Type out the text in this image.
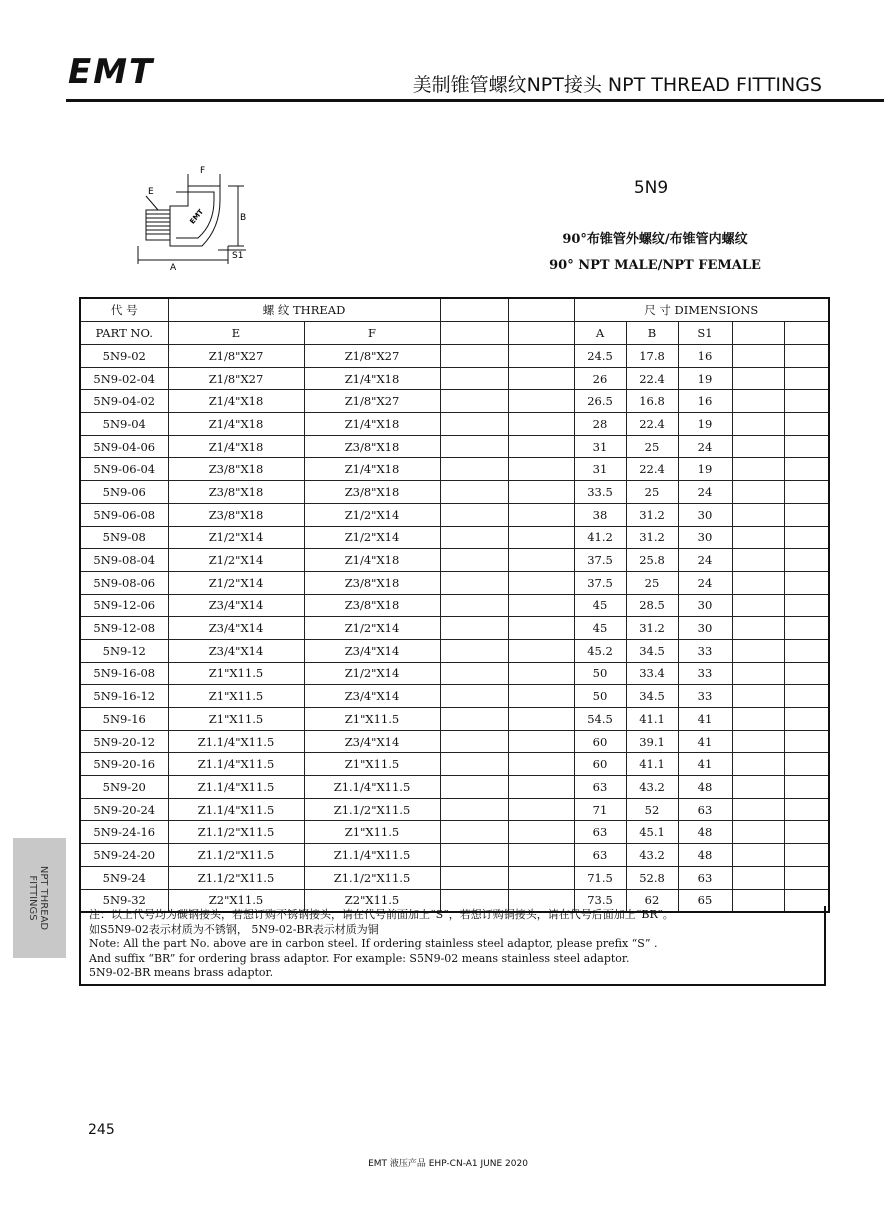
EMT	美制锥管螺纹NPT接头 NPT THREAD FITTINGS
E
F
B
A
S1
EMT
5N9
90°布锥管外螺纹/布锥管内螺纹
90° NPT MALE/NPT FEMALE
代 号	螺 纹 THREAD				尺 寸 DIMENSIONS				
PART NO.	E	F			A	B	S1		
5N9-02	Z1/8"X27	Z1/8"X27			24.5	17.8	16		
5N9-02-04	Z1/8"X27	Z1/4"X18			26	22.4	19		
5N9-04-02	Z1/4"X18	Z1/8"X27			26.5	16.8	16		
5N9-04	Z1/4"X18	Z1/4"X18			28	22.4	19		
5N9-04-06	Z1/4"X18	Z3/8"X18			31	25	24		
5N9-06-04	Z3/8"X18	Z1/4"X18			31	22.4	19		
5N9-06	Z3/8"X18	Z3/8"X18			33.5	25	24		
5N9-06-08	Z3/8"X18	Z1/2"X14			38	31.2	30		
5N9-08	Z1/2"X14	Z1/2"X14			41.2	31.2	30		
5N9-08-04	Z1/2"X14	Z1/4"X18			37.5	25.8	24		
5N9-08-06	Z1/2"X14	Z3/8"X18			37.5	25	24		
5N9-12-06	Z3/4"X14	Z3/8"X18			45	28.5	30		
5N9-12-08	Z3/4"X14	Z1/2"X14			45	31.2	30		
5N9-12	Z3/4"X14	Z3/4"X14			45.2	34.5	33		
5N9-16-08	Z1"X11.5	Z1/2"X14			50	33.4	33		
5N9-16-12	Z1"X11.5	Z3/4"X14			50	34.5	33		
5N9-16	Z1"X11.5	Z1"X11.5			54.5	41.1	41		
5N9-20-12	Z1.1/4"X11.5	Z3/4"X14			60	39.1	41		
5N9-20-16	Z1.1/4"X11.5	Z1"X11.5			60	41.1	41		
5N9-20	Z1.1/4"X11.5	Z1.1/4"X11.5			63	43.2	48		
5N9-20-24	Z1.1/4"X11.5	Z1.1/2"X11.5			71	52	63		
5N9-24-16	Z1.1/2"X11.5	Z1"X11.5			63	45.1	48		
5N9-24-20	Z1.1/2"X11.5	Z1.1/4"X11.5			63	43.2	48		
5N9-24	Z1.1/2"X11.5	Z1.1/2"X11.5			71.5	52.8	63		
5N9-32	Z2"X11.5	Z2"X11.5			73.5	62	65		
注：以上代号均为碳钢接头，若想订购不锈钢接头，请在代号前面加上“S”，若想订购铜接头，请在代号后面加上“BR”。
如S5N9-02表示材质为不锈钢， 5N9-02-BR表示材质为铜
Note: All the part No. above are in carbon steel. If ordering stainless steel adaptor, please prefix “S” .
And suffix “BR” for ordering brass adaptor. For example: S5N9-02 means stainless steel adaptor.
5N9-02-BR means brass adaptor.
NPT THREAD
FITTINGS
245
EMT 液压产品 EHP-CN-A1 JUNE 2020
